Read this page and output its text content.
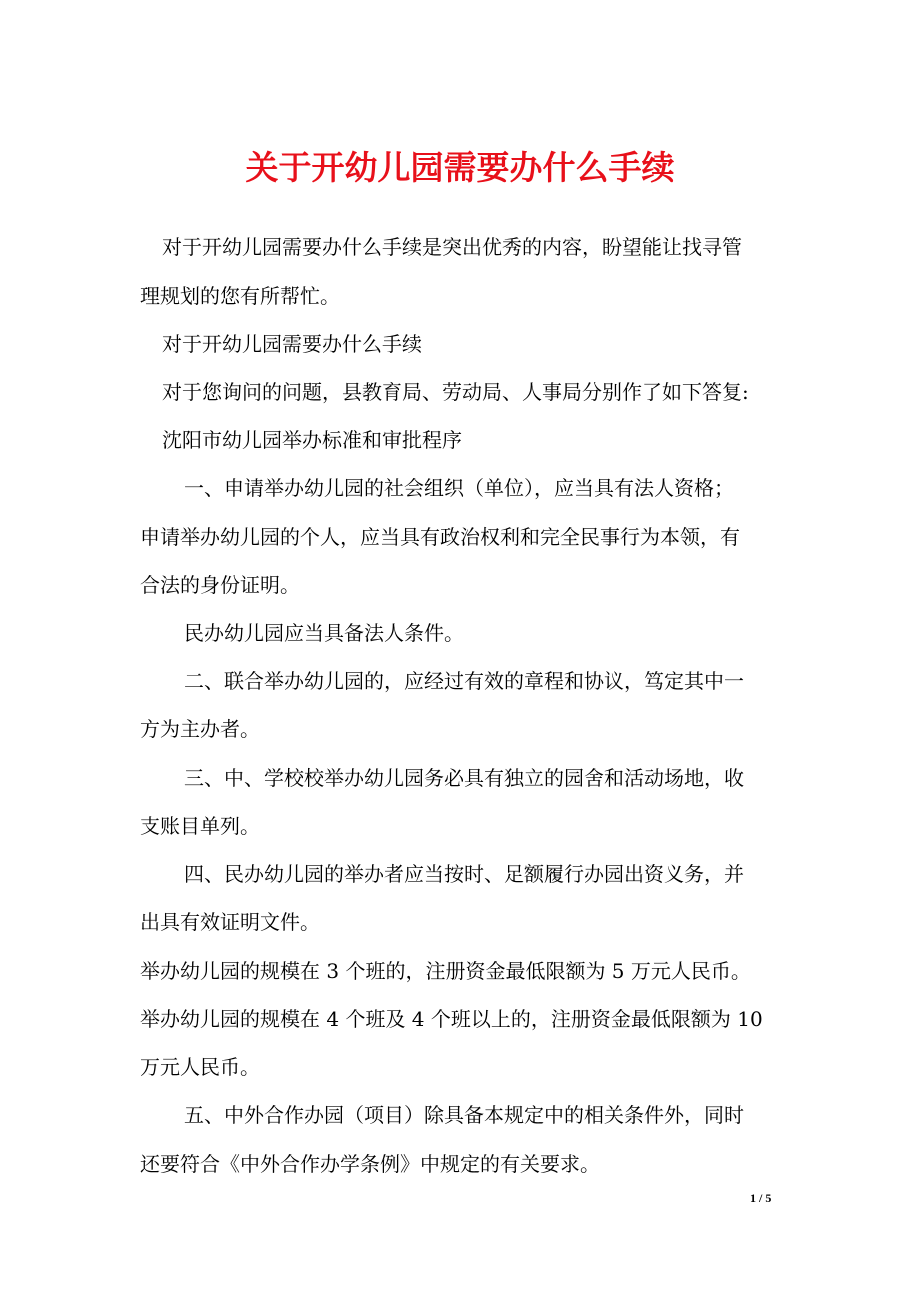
关于开幼儿园需要办什么手续

对于开幼儿园需要办什么手续是突出优秀的内容，盼望能让找寻管

理规划的您有所帮忙。

对于开幼儿园需要办什么手续

对于您询问的问题，县教育局、劳动局、人事局分别作了如下答复:

沈阳市幼儿园举办标准和审批程序

一、申请举办幼儿园的社会组织（单位），应当具有法人资格；

申请举办幼儿园的个人，应当具有政治权利和完全民事行为本领，有

合法的身份证明。

民办幼儿园应当具备法人条件。

二、联合举办幼儿园的，应经过有效的章程和协议，笃定其中一

方为主办者。

三、中、学校校举办幼儿园务必具有独立的园舍和活动场地，收

支账目单列。

四、民办幼儿园的举办者应当按时、足额履行办园出资义务，并

出具有效证明文件。

举办幼儿园的规模在 3 个班的，注册资金最低限额为 5 万元人民币。

举办幼儿园的规模在 4 个班及 4 个班以上的，注册资金最低限额为 10

万元人民币。

五、中外合作办园（项目）除具备本规定中的相关条件外，同时

还要符合《中外合作办学条例》中规定的有关要求。

1 / 5
